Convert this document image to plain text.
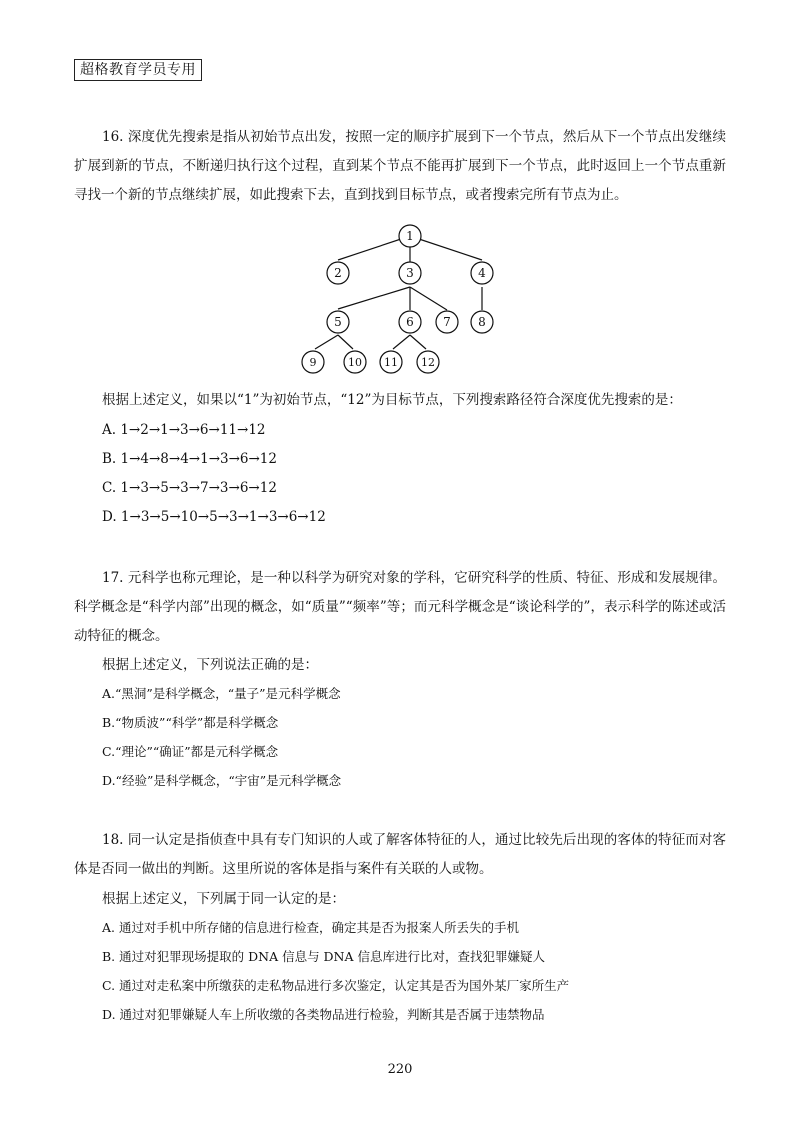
超格教育学员专用

16. 深度优先搜索是指从初始节点出发，按照一定的顺序扩展到下一个节点，然后从下一个节点出发继续扩展到新的节点，不断递归执行这个过程，直到某个节点不能再扩展到下一个节点，此时返回上一个节点重新寻找一个新的节点继续扩展，如此搜索下去，直到找到目标节点，或者搜索完所有节点为止。

1
2	3	4
5	6 7 8
9	10 11 12
根据上述定义，如果以“1”为初始节点，“12”为目标节点，下列搜索路径符合深度优先搜索的是：
A. 1→2→1→3→6→11→12
B. 1→4→8→4→1→3→6→12
C. 1→3→5→3→7→3→6→12
D. 1→3→5→10→5→3→1→3→6→12

17. 元科学也称元理论，是一种以科学为研究对象的学科，它研究科学的性质、特征、形成和发展规律。科学概念是“科学内部”出现的概念，如“质量”“频率”等；而元科学概念是“谈论科学的”，表示科学的陈述或活动特征的概念。

根据上述定义，下列说法正确的是：
A.“黑洞”是科学概念，“量子”是元科学概念
B.“物质波”“科学”都是科学概念
C.“理论”“确证”都是元科学概念
D.“经验”是科学概念，“宇宙”是元科学概念

18. 同一认定是指侦查中具有专门知识的人或了解客体特征的人，通过比较先后出现的客体的特征而对客体是否同一做出的判断。这里所说的客体是指与案件有关联的人或物。

根据上述定义，下列属于同一认定的是：
A. 通过对手机中所存储的信息进行检查，确定其是否为报案人所丢失的手机
B. 通过对犯罪现场提取的 DNA 信息与 DNA 信息库进行比对，查找犯罪嫌疑人
C. 通过对走私案中所缴获的走私物品进行多次鉴定，认定其是否为国外某厂家所生产
D. 通过对犯罪嫌疑人车上所收缴的各类物品进行检验，判断其是否属于违禁物品
220
